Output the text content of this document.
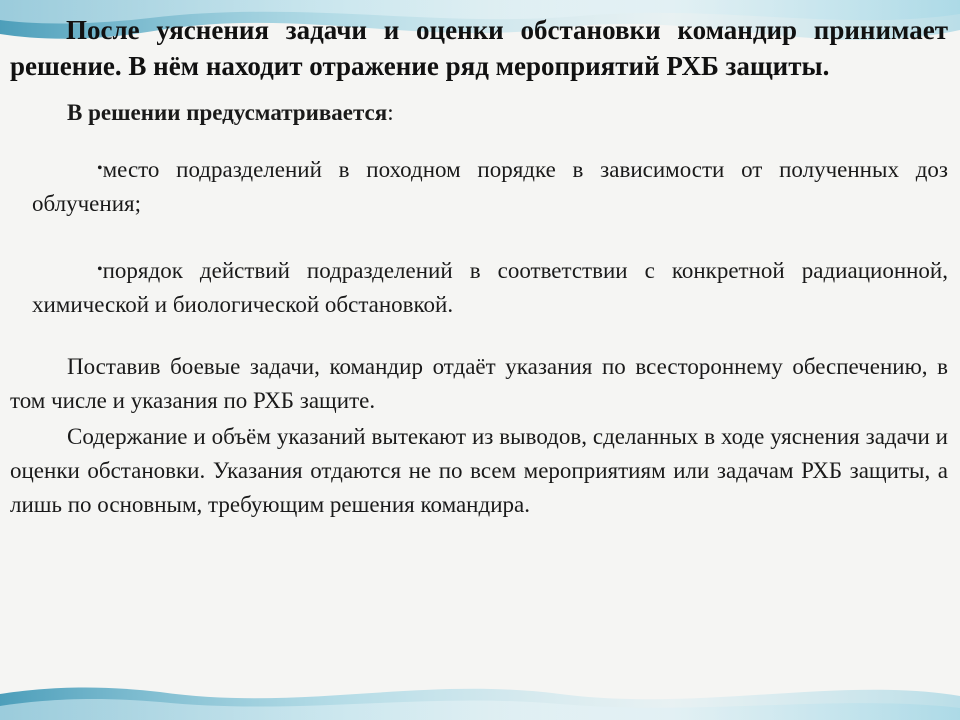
После уяснения задачи и оценки обстановки командир принимает решение. В нём находит отражение ряд мероприятий РХБ защиты.

В решении предусматривается:

•место подразделений в походном порядке в зависимости от полученных доз облучения;

•порядок действий подразделений в соответствии с конкретной радиационной, химической и биологической обстановкой.

Поставив боевые задачи, командир отдаёт указания по всестороннему обеспечению, в том числе и указания по РХБ защите.

Содержание и объём указаний вытекают из выводов, сделанных в ходе уяснения задачи и оценки обстановки. Указания отдаются не по всем мероприятиям или задачам РХБ защиты, а лишь по основным, требующим решения командира.
